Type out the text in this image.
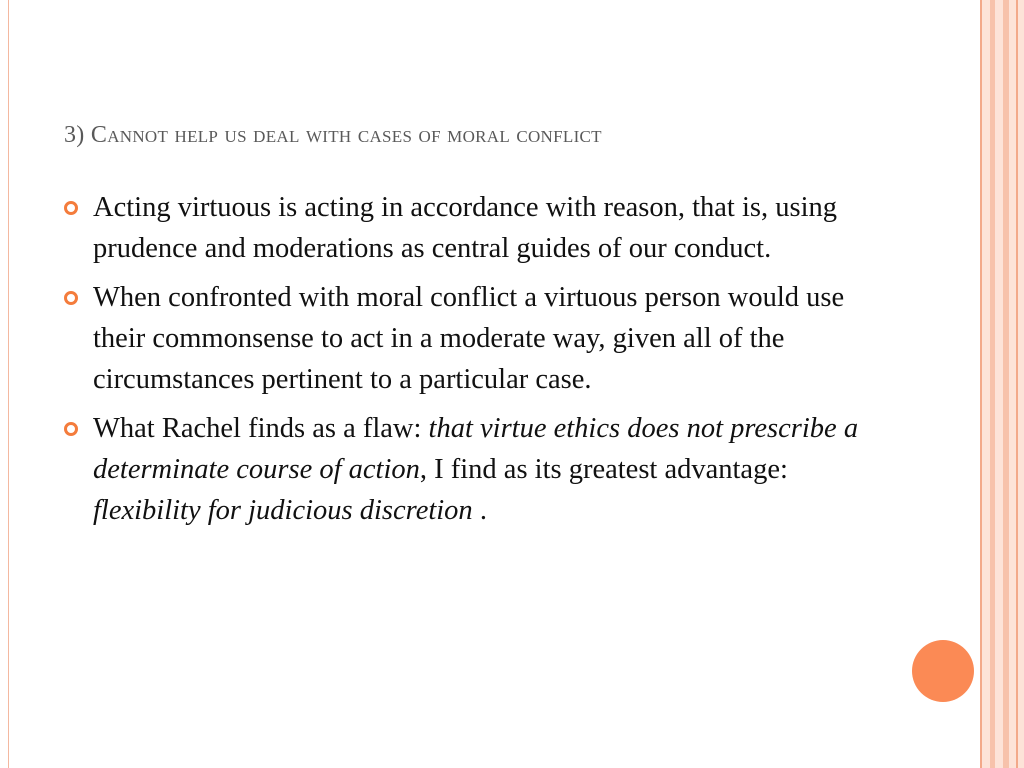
3) Cannot help us deal with cases of moral conflict
Acting virtuous is acting in accordance with reason, that is, using prudence and moderations as central guides of our conduct.
When confronted with moral conflict a virtuous person would use their commonsense to act in a moderate way, given all of the circumstances pertinent to a particular case.
What Rachel finds as a flaw: that virtue ethics does not prescribe a determinate course of action, I find as its greatest advantage: flexibility for judicious discretion .
